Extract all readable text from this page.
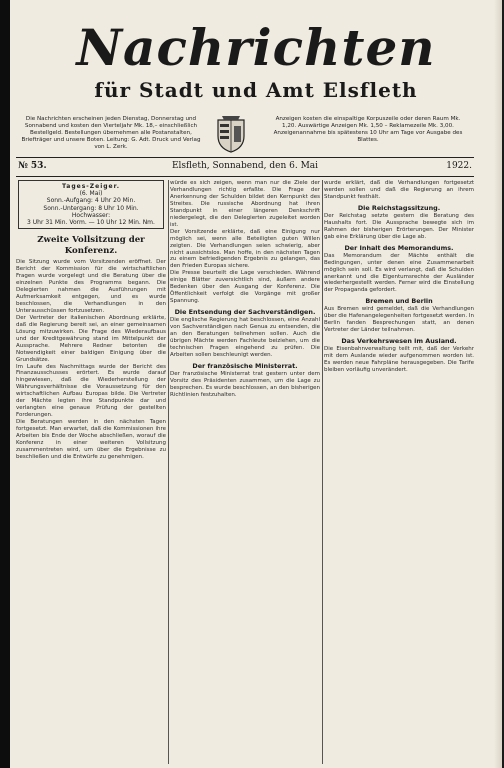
Nachrichten
für Stadt und Amt Elsfleth
Die Nachrichten erscheinen jeden Dienstag, Donnerstag und Sonnabend und kosten den Vierteljahr Mk. 18,– einschließlich Bestellgeld. Bestellungen übernehmen alle Postanstalten, Briefträger und unsere Boten. Leitung: G. Adt. Druck und Verlag von L. Zerk.
Anzeigen kosten die einspaltige Korpuszeile oder deren Raum Mk. 1,20. Auswärtige Anzeigen Mk. 1,50 – Reklamezeile Mk. 3,00. Anzeigenannahme bis spätestens 10 Uhr am Tage vor Ausgabe des Blattes.
№ 53.	Elsfleth, Sonnabend, den 6. Mai	1922.
Tages-Zeiger.
(6. Mai)
Sonn.-Aufgang: 4 Uhr 20 Min.
Sonn.-Untergang: 8 Uhr 10 Min.
Hochwasser:
3 Uhr 31 Min. Vorm. — 10 Uhr 12 Min. Nm.
Zweite Vollsitzung der Konferenz.

Die Sitzung wurde vom Vorsitzenden eröffnet. Der Bericht der Kommission für die wirtschaftlichen Fragen wurde vorgelegt und die Beratung über die einzelnen Punkte des Programms begann. Die Delegierten nahmen die Ausführungen mit Aufmerksamkeit entgegen, und es wurde beschlossen, die Verhandlungen in den Unterausschüssen fortzusetzen.

Der Vertreter der italienischen Abordnung erklärte, daß die Regierung bereit sei, an einer gemeinsamen Lösung mitzuwirken. Die Frage des Wiederaufbaus und der Kreditgewährung stand im Mittelpunkt der Aussprache. Mehrere Redner betonten die Notwendigkeit einer baldigen Einigung über die Grundsätze.

Im Laufe des Nachmittags wurde der Bericht des Finanzausschusses erörtert. Es wurde darauf hingewiesen, daß die Wiederherstellung der Währungsverhältnisse die Voraussetzung für den wirtschaftlichen Aufbau Europas bilde. Die Vertreter der Mächte legten ihre Standpunkte dar und verlangten eine genaue Prüfung der gestellten Forderungen.

Die Beratungen werden in den nächsten Tagen fortgesetzt. Man erwartet, daß die Kommissionen ihre Arbeiten bis Ende der Woche abschließen, worauf die Konferenz in einer weiteren Vollsitzung zusammentreten wird, um über die Ergebnisse zu beschließen und die Entwürfe zu genehmigen.

würde es sich zeigen, wenn man nur die Ziele der Verhandlungen richtig erfaßte. Die Frage der Anerkennung der Schulden bildet den Kernpunkt des Streites. Die russische Abordnung hat ihren Standpunkt in einer längeren Denkschrift niedergelegt, die den Delegierten zugeleitet worden ist.

Der Vorsitzende erklärte, daß eine Einigung nur möglich sei, wenn alle Beteiligten guten Willen zeigten. Die Verhandlungen seien schwierig, aber nicht aussichtslos. Man hoffe, in den nächsten Tagen zu einem befriedigenden Ergebnis zu gelangen, das den Frieden Europas sichere.

Die Presse beurteilt die Lage verschieden. Während einige Blätter zuversichtlich sind, äußern andere Bedenken über den Ausgang der Konferenz. Die Öffentlichkeit verfolgt die Vorgänge mit großer Spannung.

Die Entsendung der Sachverständigen.

Die englische Regierung hat beschlossen, eine Anzahl von Sachverständigen nach Genua zu entsenden, die an den Beratungen teilnehmen sollen. Auch die übrigen Mächte werden Fachleute beiziehen, um die technischen Fragen eingehend zu prüfen. Die Arbeiten sollen beschleunigt werden.

Der französische Ministerrat.

Der französische Ministerrat trat gestern unter dem Vorsitz des Präsidenten zusammen, um die Lage zu besprechen. Es wurde beschlossen, an den bisherigen Richtlinien festzuhalten.

wurde erklärt, daß die Verhandlungen fortgesetzt werden sollen und daß die Regierung an ihrem Standpunkt festhält.

Die Reichstagssitzung.

Der Reichstag setzte gestern die Beratung des Haushalts fort. Die Aussprache bewegte sich im Rahmen der bisherigen Erörterungen. Der Minister gab eine Erklärung über die Lage ab.

Der Inhalt des Memorandums.

Das Memorandum der Mächte enthält die Bedingungen, unter denen eine Zusammenarbeit möglich sein soll. Es wird verlangt, daß die Schulden anerkannt und die Eigentumsrechte der Ausländer wiederhergestellt werden. Ferner wird die Einstellung der Propaganda gefordert.

Bremen und Berlin

Aus Bremen wird gemeldet, daß die Verhandlungen über die Hafenangelegenheiten fortgesetzt werden. In Berlin fanden Besprechungen statt, an denen Vertreter der Länder teilnahmen.

Das Verkehrswesen im Ausland.

Die Eisenbahnverwaltung teilt mit, daß der Verkehr mit dem Auslande wieder aufgenommen worden ist. Es werden neue Fahrpläne herausgegeben. Die Tarife bleiben vorläufig unverändert.
